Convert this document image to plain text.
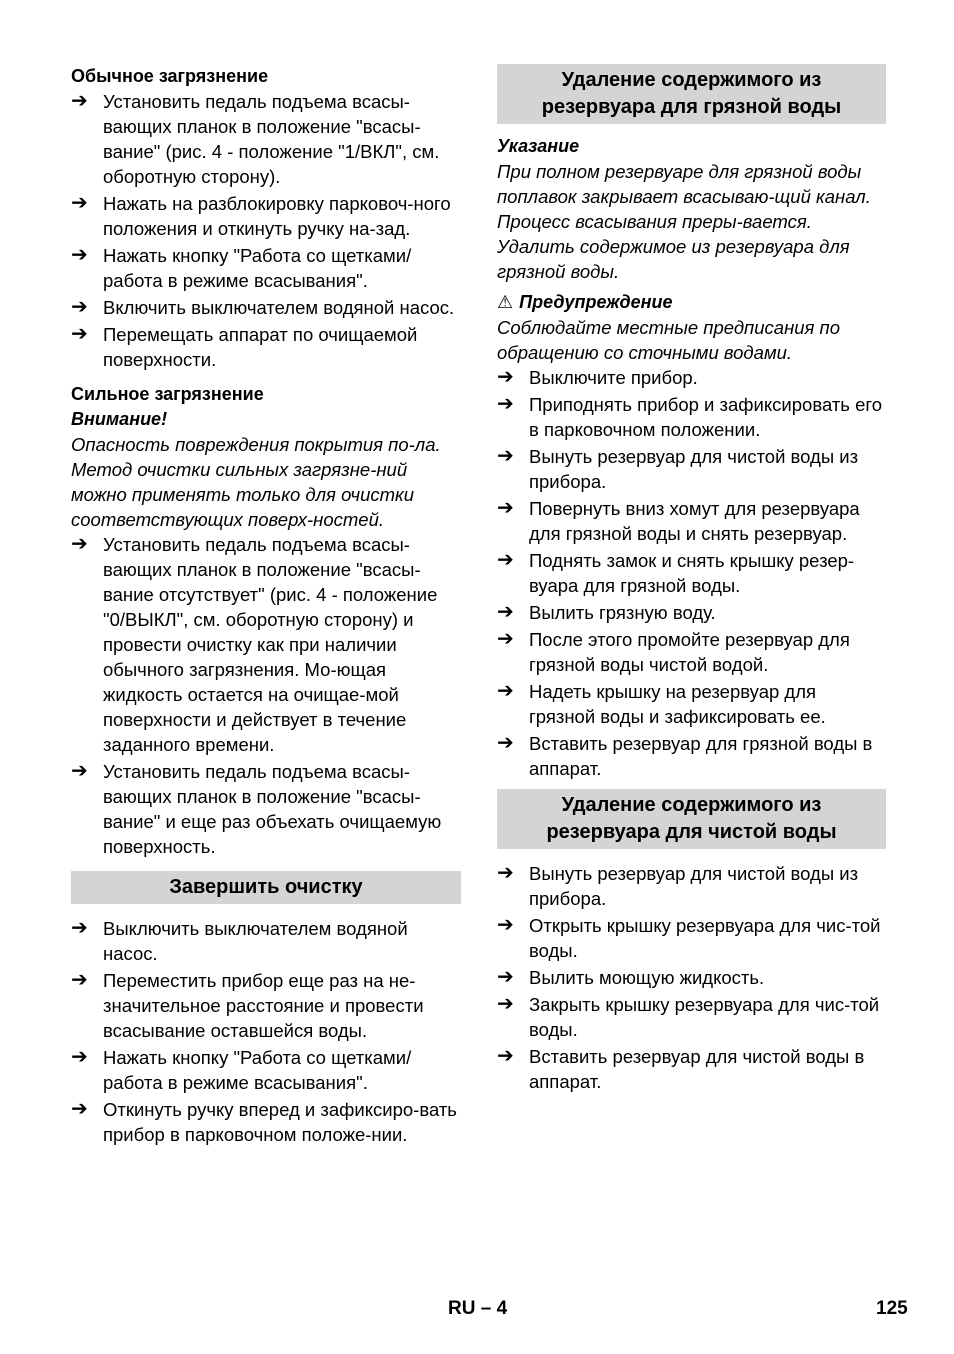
Обычное загрязнение

➔ Установить педаль подъема всасы-вающих планок в положение "всасы-вание" (рис. 4 - положение "1/ВКЛ", см. оборотную сторону).
➔ Нажать на разблокировку парковоч-ного положения и откинуть ручку на-зад.
➔ Нажать кнопку "Работа со щетками/ работа в режиме всасывания".
➔ Включить выключателем водяной насос.
➔ Перемещать аппарат по очищаемой поверхности.

Сильное загрязнение

Внимание!

Опасность повреждения покрытия по-ла. Метод очистки сильных загрязне-ний можно применять только для очистки соответствующих поверх-ностей.

➔ Установить педаль подъема всасы-вающих планок в положение "всасы-вание отсутствует" (рис. 4 - положение "0/ВЫКЛ", см. оборотную сторону) и провести очистку как при наличии обычного загрязнения. Мо-ющая жидкость остается на очищае-мой поверхности и действует в течение заданного времени.
➔ Установить педаль подъема всасы-вающих планок в положение "всасы-вание" и еще раз объехать очищаемую поверхность.
Завершить очистку
➔ Выключить выключателем водяной насос.
➔ Переместить прибор еще раз на не-значительное расстояние и провести всасывание оставшейся воды.
➔ Нажать кнопку "Работа со щетками/ работа в режиме всасывания".
➔ Откинуть ручку вперед и зафиксиро-вать прибор в парковочном положе-нии.
Удаление содержимого из резервуара для грязной воды

Указание

При полном резервуаре для грязной воды поплавок закрывает всасываю-щий канал. Процесс всасывания преры-вается. Удалить содержимое из резервуара для грязной воды.

⚠ Предупреждение

Соблюдайте местные предписания по обращению со сточными водами.

➔ Выключите прибор.
➔ Приподнять прибор и зафиксировать его в парковочном положении.
➔ Вынуть резервуар для чистой воды из прибора.
➔ Повернуть вниз хомут для резервуара для грязной воды и снять резервуар.
➔ Поднять замок и снять крышку резер-вуара для грязной воды.
➔ Вылить грязную воду.
➔ После этого промойте резервуар для грязной воды чистой водой.
➔ Надеть крышку на резервуар для грязной воды и зафиксировать ее.
➔ Вставить резервуар для грязной воды в аппарат.
Удаление содержимого из резервуара для чистой воды
➔ Вынуть резервуар для чистой воды из прибора.
➔ Открыть крышку резервуара для чис-той воды.
➔ Вылить моющую жидкость.
➔ Закрыть крышку резервуара для чис-той воды.
➔ Вставить резервуар для чистой воды в аппарат.
RU – 4	125
